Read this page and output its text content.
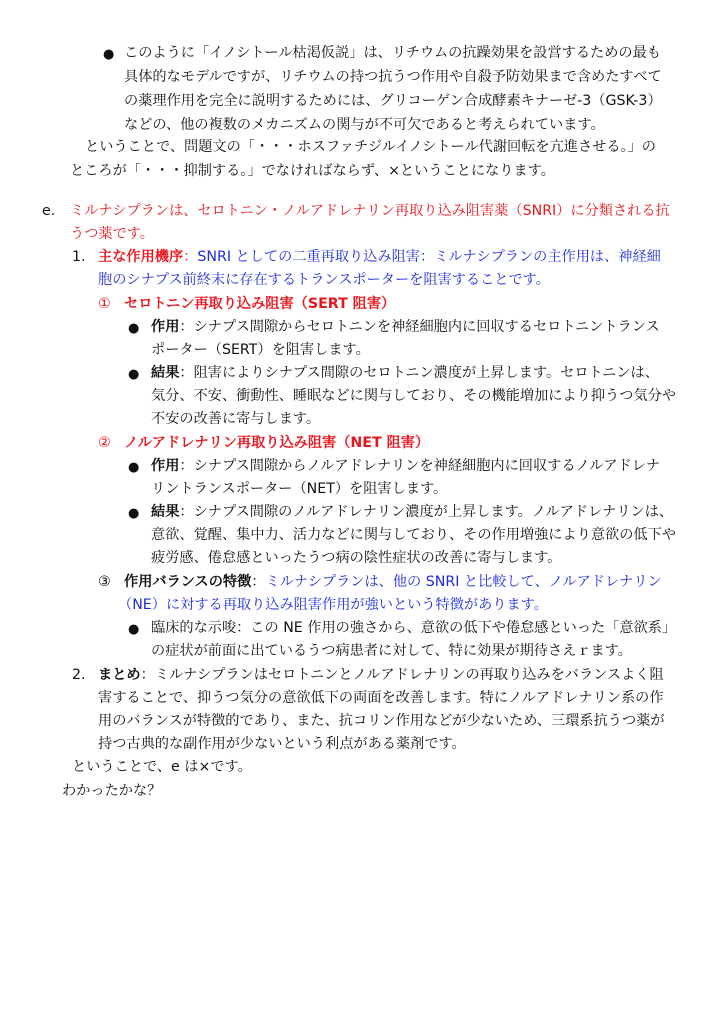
● このように「イノシトール枯渇仮説」は、リチウムの抗躁効果を設営するための最も
具体的なモデルですが、リチウムの持つ抗うつ作用や自殺予防効果まで含めたすべて
の薬理作用を完全に説明するためには、グリコーゲン合成酵素キナーゼ-3（GSK-3）
などの、他の複数のメカニズムの関与が不可欠であると考えられています。
ということで、問題文の「・・・ホスファチジルイノシトール代謝回転を亢進させる。」の
ところが「・・・抑制する。」でなければならず、×ということになります。
e. ミルナシプランは、セロトニン・ノルアドレナリン再取り込み阻害薬（SNRI）に分類される抗
うつ薬です。
1. 主な作用機序：SNRI としての二重再取り込み阻害：ミルナシプランの主作用は、神経細
胞のシナプス前終末に存在するトランスポーターを阻害することです。
① セロトニン再取り込み阻害（SERT 阻害）
● 作用：シナプス間隙からセロトニンを神経細胞内に回収するセロトニントランス
ポーター（SERT）を阻害します。
● 結果：阻害によりシナプス間隙のセロトニン濃度が上昇します。セロトニンは、
気分、不安、衝動性、睡眠などに関与しており、その機能増加により抑うつ気分や
不安の改善に寄与します。
② ノルアドレナリン再取り込み阻害（NET 阻害）
● 作用：シナプス間隙からノルアドレナリンを神経細胞内に回収するノルアドレナ
リントランスポーター（NET）を阻害します。
● 結果：シナプス間隙のノルアドレナリン濃度が上昇します。ノルアドレナリンは、
意欲、覚醒、集中力、活力などに関与しており、その作用増強により意欲の低下や
疲労感、倦怠感といったうつ病の陰性症状の改善に寄与します。
③ 作用バランスの特徴：ミルナシプランは、他の SNRI と比較して、ノルアドレナリン
（NE）に対する再取り込み阻害作用が強いという特徴があります。
● 臨床的な示唆：この NE 作用の強さから、意欲の低下や倦怠感といった「意欲系」
の症状が前面に出ているうつ病患者に対して、特に効果が期待さえｒます。
2. まとめ：ミルナシプランはセロトニンとノルアドレナリンの再取り込みをバランスよく阻
害することで、抑うつ気分の意欲低下の両面を改善します。特にノルアドレナリン系の作
用のバランスが特徴的であり、また、抗コリン作用などが少ないため、三環系抗うつ薬が
持つ古典的な副作用が少ないという利点がある薬剤です。
ということで、e は×です。
わかったかな？
